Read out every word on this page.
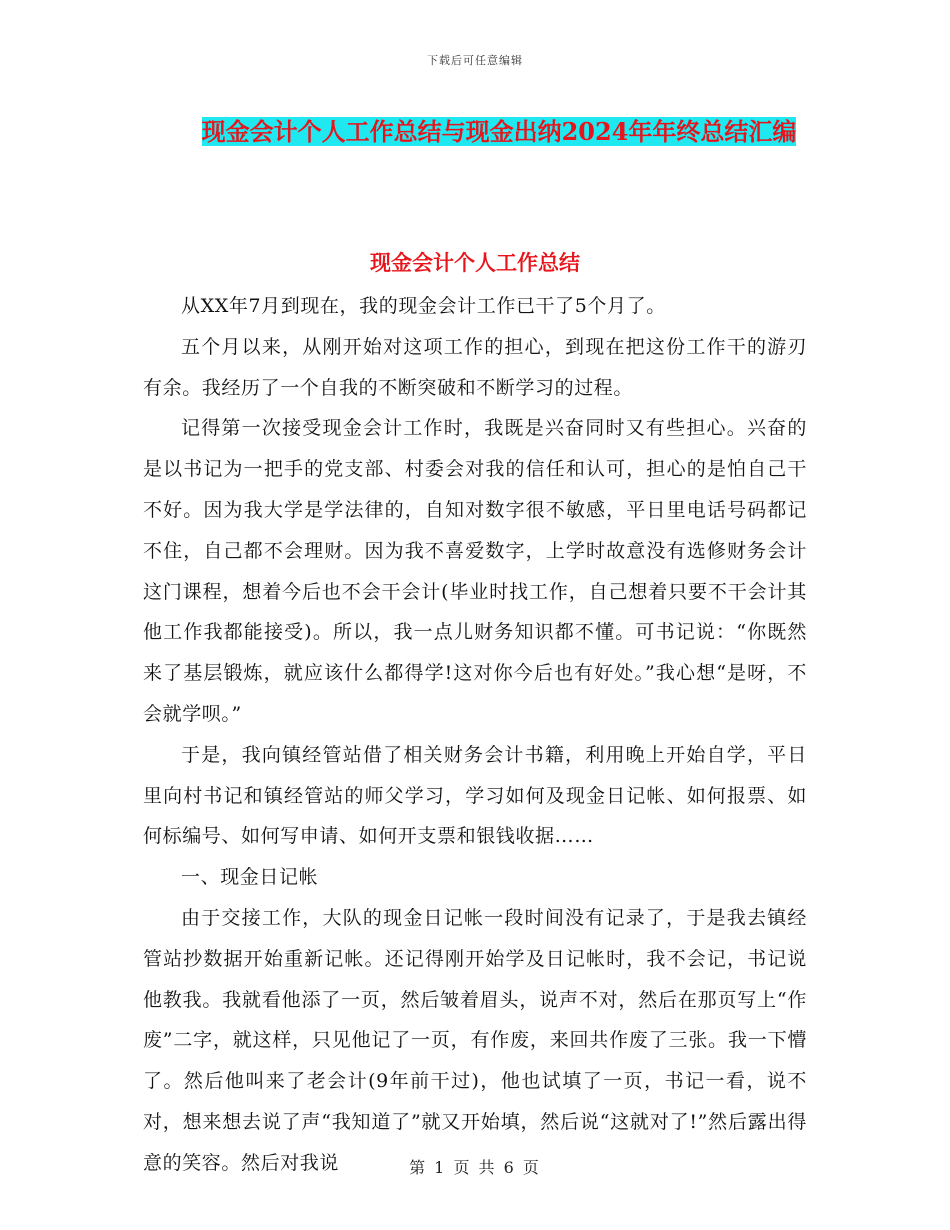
下载后可任意编辑
现金会计个人工作总结与现金出纳2024年年终总结汇编
现金会计个人工作总结

从XX年7月到现在，我的现金会计工作已干了5个月了。

五个月以来，从刚开始对这项工作的担心，到现在把这份工作干的游刃有余。我经历了一个自我的不断突破和不断学习的过程。

记得第一次接受现金会计工作时，我既是兴奋同时又有些担心。兴奋的是以书记为一把手的党支部、村委会对我的信任和认可，担心的是怕自己干不好。因为我大学是学法律的，自知对数字很不敏感，平日里电话号码都记不住，自己都不会理财。因为我不喜爱数字，上学时故意没有选修财务会计这门课程，想着今后也不会干会计(毕业时找工作，自己想着只要不干会计其他工作我都能接受)。所以，我一点儿财务知识都不懂。可书记说：“你既然来了基层锻炼，就应该什么都得学!这对你今后也有好处。”我心想“是呀，不会就学呗。”

于是，我向镇经管站借了相关财务会计书籍，利用晚上开始自学，平日里向村书记和镇经管站的师父学习，学习如何及现金日记帐、如何报票、如何标编号、如何写申请、如何开支票和银钱收据……

一、现金日记帐

由于交接工作，大队的现金日记帐一段时间没有记录了，于是我去镇经管站抄数据开始重新记帐。还记得刚开始学及日记帐时，我不会记，书记说他教我。我就看他添了一页，然后皱着眉头，说声不对，然后在那页写上“作废”二字，就这样，只见他记了一页，有作废，来回共作废了三张。我一下懵了。然后他叫来了老会计(9年前干过)，他也试填了一页，书记一看，说不对，想来想去说了声“我知道了”就又开始填，然后说“这就对了!”然后露出得意的笑容。然后对我说	第 1 页 共 6 页
